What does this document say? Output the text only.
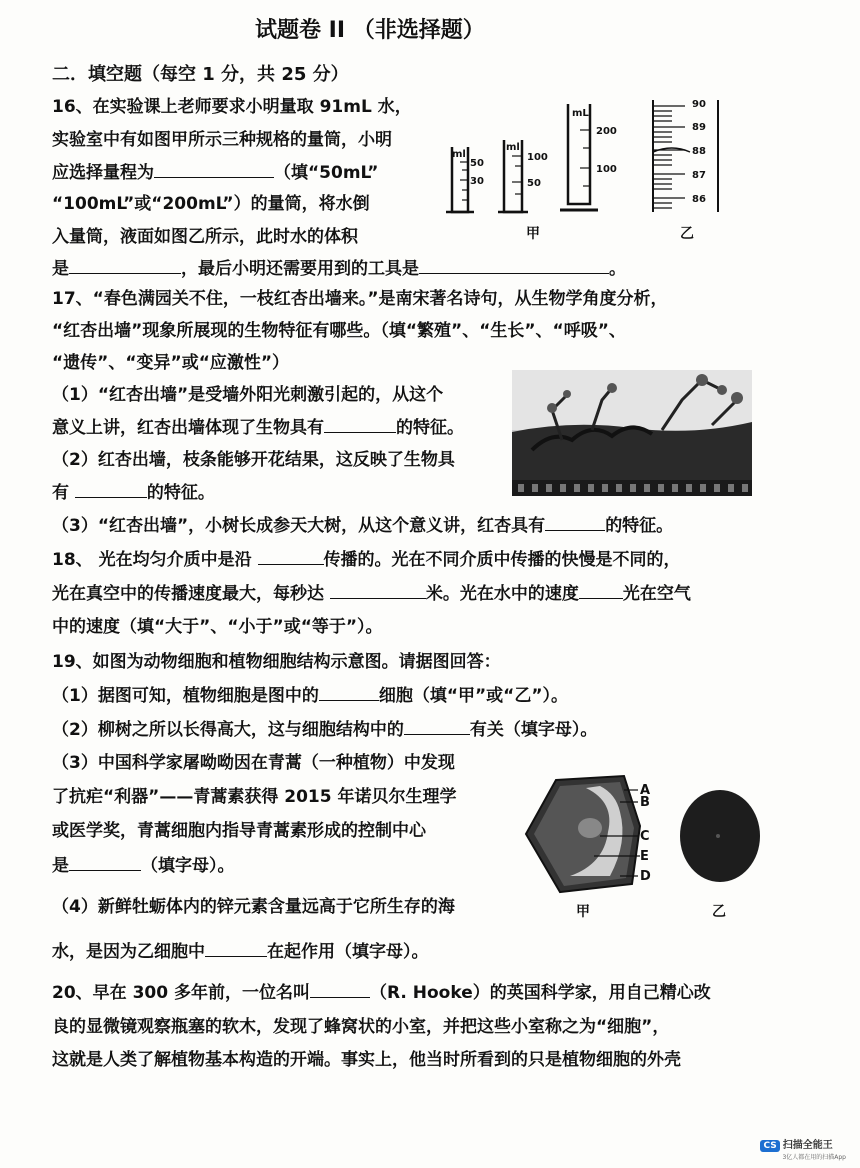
试题卷 II （非选择题）
二．填空题（每空 1 分，共 25 分）
16、在实验课上老师要求小明量取 91mL 水，
实验室中有如图甲所示三种规格的量筒，小明
应选择量程为	（填“50mL”
“100mL”或“200mL”）的量筒，将水倒
入量筒，液面如图乙所示，此时水的体积
是	，最后小明还需要用到的工具是	。
ml
50
30
ml
100
50
mL
200
100
90
89
88
87
86
甲	乙
17、“春色满园关不住，一枝红杏出墙来。”是南宋著名诗句，从生物学角度分析，
“红杏出墙”现象所展现的生物特征有哪些。（填“繁殖”、“生长”、“呼吸”、
“遗传”、“变异”或“应激性”）
（1）“红杏出墙”是受墙外阳光刺激引起的，从这个
意义上讲，红杏出墙体现了生物具有	的特征。
（2）红杏出墙，枝条能够开花结果，这反映了生物具
有	的特征。
（3）“红杏出墙”，小树长成参天大树，从这个意义讲，红杏具有	的特征。
18、 光在均匀介质中是沿	传播的。光在不同介质中传播的快慢是不同的，
光在真空中的传播速度最大，每秒达	米。光在水中的速度	光在空气
中的速度（填“大于”、“小于”或“等于”）。
19、如图为动物细胞和植物细胞结构示意图。请据图回答：
（1）据图可知，植物细胞是图中的	细胞（填“甲”或“乙”）。
（2）柳树之所以长得高大，这与细胞结构中的	有关（填字母）。
（3）中国科学家屠呦呦因在青蒿（一种植物）中发现
了抗疟“利器”——青蒿素获得 2015 年诺贝尔生理学
或医学奖，青蒿细胞内指导青蒿素形成的控制中心
是	（填字母）。
（4）新鲜牡蛎体内的锌元素含量远高于它所生存的海
水，是因为乙细胞中	在起作用（填字母）。
A
B
C
E
D
甲	乙
20、早在 300 多年前，一位名叫	（R. Hooke）的英国科学家，用自己精心改
良的显微镜观察瓶塞的软木，发现了蜂窝状的小室，并把这些小室称之为“细胞”，
这就是人类了解植物基本构造的开端。事实上，他当时所看到的只是植物细胞的外壳
CS 扫描全能王
3亿人都在用的扫描App
